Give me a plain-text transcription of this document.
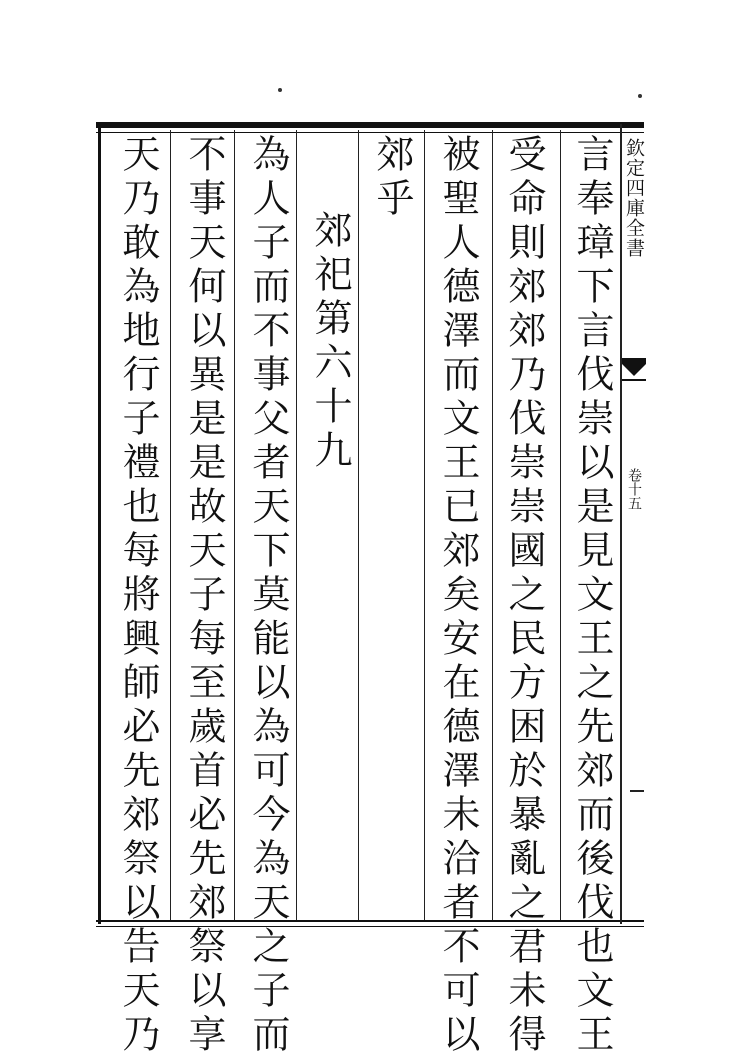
欽定四庫全書
卷十五
言奉璋下言伐崇以是見文王之先郊而後伐也文王
受命則郊郊乃伐崇崇國之民方困於暴亂之君未得
被聖人德澤而文王已郊矣安在德澤未洽者不可以
郊乎
郊祀第六十九
為人子而不事父者天下莫能以為可今為天之子而
不事天何以異是是故天子每至歲首必先郊祭以享
天乃敢為地行子禮也每將興師必先郊祭以告天乃
